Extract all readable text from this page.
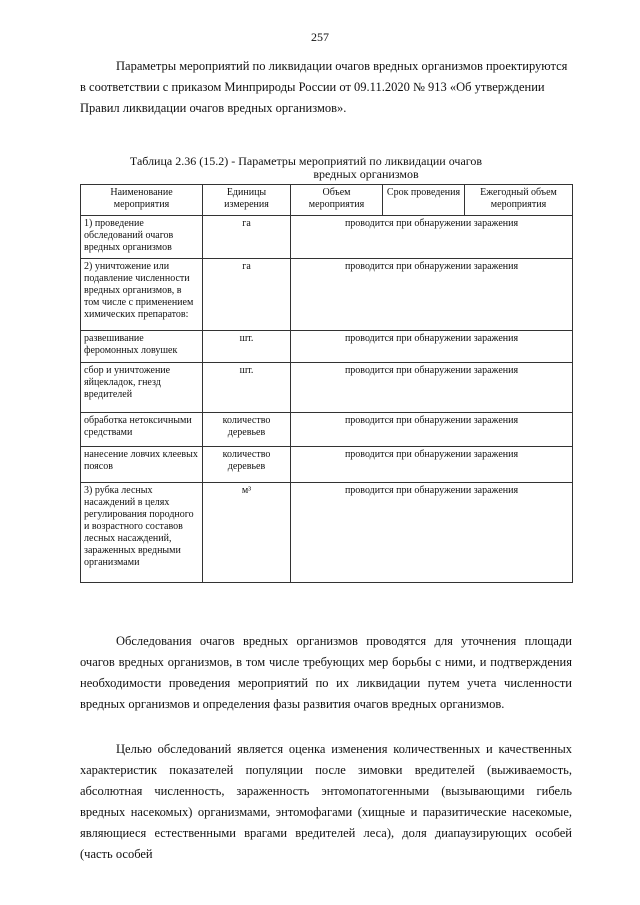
257

Параметры мероприятий по ликвидации очагов вредных организмов проектируются в соответствии с приказом Минприроды России от 09.11.2020 № 913 «Об утверждении Правил ликвидации очагов вредных организмов».

Таблица 2.36 (15.2) - Параметры мероприятий по ликвидации очагов
вредных организмов
Наименование мероприятия	Единицы измерения	Объем мероприятия	Срок проведения	Ежегодный объем мероприятия
1) проведение обследований очагов вредных организмов	га	проводится при обнаружении заражения		
2) уничтожение или подавление численности вредных организмов, в том числе с применением химических препаратов:	га	проводится при обнаружении заражения		
развешивание феромонных ловушек	шт.	проводится при обнаружении заражения		
сбор и уничтожение яйцекладок, гнезд вредителей	шт.	проводится при обнаружении заражения		
обработка нетоксичными средствами	количество деревьев	проводится при обнаружении заражения		
нанесение ловчих клеевых поясов	количество деревьев	проводится при обнаружении заражения		
3) рубка лесных насаждений в целях регулирования породного и возрастного составов лесных насаждений, зараженных вредными организмами	м³	проводится при обнаружении заражения		

Обследования очагов вредных организмов проводятся для уточнения площади очагов вредных организмов, в том числе требующих мер борьбы с ними, и подтверждения необходимости проведения мероприятий по их ликвидации путем учета численности вредных организмов и определения фазы развития очагов вредных организмов.

Целью обследований является оценка изменения количественных и качественных характеристик показателей популяции после зимовки вредителей (выживаемость, абсолютная численность, зараженность энтомопатогенными (вызывающими гибель вредных насекомых) организмами, энтомофагами (хищные и паразитические насекомые, являющиеся естественными врагами вредителей леса), доля диапаузирующих особей (часть особей
